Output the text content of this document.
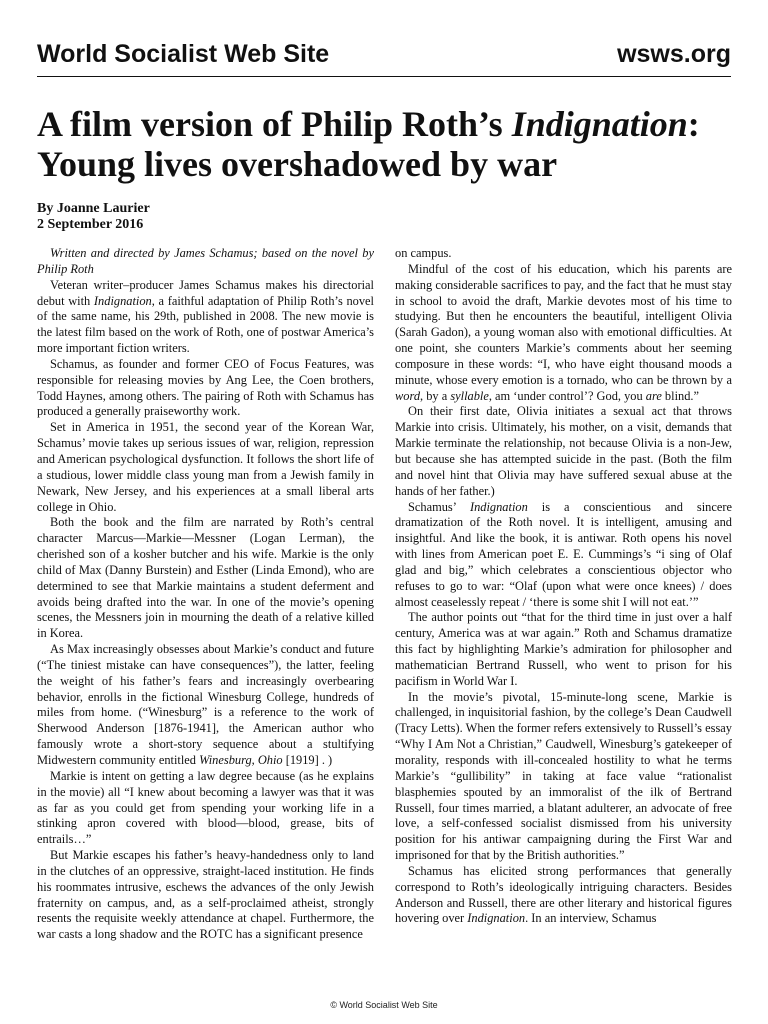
World Socialist Web Site	wsws.org
A film version of Philip Roth’s Indignation: Young lives overshadowed by war
By Joanne Laurier
2 September 2016

Written and directed by James Schamus; based on the novel by Philip Roth

Veteran writer–producer James Schamus makes his directorial debut with Indignation, a faithful adaptation of Philip Roth’s novel of the same name, his 29th, published in 2008. The new movie is the latest film based on the work of Roth, one of postwar America’s more important fiction writers.

Schamus, as founder and former CEO of Focus Features, was responsible for releasing movies by Ang Lee, the Coen brothers, Todd Haynes, among others. The pairing of Roth with Schamus has produced a generally praiseworthy work.

Set in America in 1951, the second year of the Korean War, Schamus’ movie takes up serious issues of war, religion, repression and American psychological dysfunction. It follows the short life of a studious, lower middle class young man from a Jewish family in Newark, New Jersey, and his experiences at a small liberal arts college in Ohio.

Both the book and the film are narrated by Roth’s central character Marcus—Markie—Messner (Logan Lerman), the cherished son of a kosher butcher and his wife. Markie is the only child of Max (Danny Burstein) and Esther (Linda Emond), who are determined to see that Markie maintains a student deferment and avoids being drafted into the war. In one of the movie’s opening scenes, the Messners join in mourning the death of a relative killed in Korea.

As Max increasingly obsesses about Markie’s conduct and future (“The tiniest mistake can have consequences”), the latter, feeling the weight of his father’s fears and increasingly overbearing behavior, enrolls in the fictional Winesburg College, hundreds of miles from home. (“Winesburg” is a reference to the work of Sherwood Anderson [1876-1941], the American author who famously wrote a short-story sequence about a stultifying Midwestern community entitled Winesburg, Ohio [1919] . )

Markie is intent on getting a law degree because (as he explains in the movie) all “I knew about becoming a lawyer was that it was as far as you could get from spending your working life in a stinking apron covered with blood—blood, grease, bits of entrails…”

But Markie escapes his father’s heavy-handedness only to land in the clutches of an oppressive, straight-laced institution. He finds his roommates intrusive, eschews the advances of the only Jewish fraternity on campus, and, as a self-proclaimed atheist, strongly resents the requisite weekly attendance at chapel. Furthermore, the war casts a long shadow and the ROTC has a significant presence

on campus.

Mindful of the cost of his education, which his parents are making considerable sacrifices to pay, and the fact that he must stay in school to avoid the draft, Markie devotes most of his time to studying. But then he encounters the beautiful, intelligent Olivia (Sarah Gadon), a young woman also with emotional difficulties. At one point, she counters Markie’s comments about her seeming composure in these words: “I, who have eight thousand moods a minute, whose every emotion is a tornado, who can be thrown by a word, by a syllable, am ‘under control’? God, you are blind.”

On their first date, Olivia initiates a sexual act that throws Markie into crisis. Ultimately, his mother, on a visit, demands that Markie terminate the relationship, not because Olivia is a non-Jew, but because she has attempted suicide in the past. (Both the film and novel hint that Olivia may have suffered sexual abuse at the hands of her father.)

Schamus’ Indignation is a conscientious and sincere dramatization of the Roth novel. It is intelligent, amusing and insightful. And like the book, it is antiwar. Roth opens his novel with lines from American poet E. E. Cummings’s “i sing of Olaf glad and big,” which celebrates a conscientious objector who refuses to go to war: “Olaf (upon what were once knees) / does almost ceaselessly repeat / ‘there is some shit I will not eat.’”

The author points out “that for the third time in just over a half century, America was at war again.” Roth and Schamus dramatize this fact by highlighting Markie’s admiration for philosopher and mathematician Bertrand Russell, who went to prison for his pacifism in World War I.

In the movie’s pivotal, 15-minute-long scene, Markie is challenged, in inquisitorial fashion, by the college’s Dean Caudwell (Tracy Letts). When the former refers extensively to Russell’s essay “Why I Am Not a Christian,” Caudwell, Winesburg’s gatekeeper of morality, responds with ill-concealed hostility to what he terms Markie’s “gullibility” in taking at face value “rationalist blasphemies spouted by an immoralist of the ilk of Bertrand Russell, four times married, a blatant adulterer, an advocate of free love, a self-confessed socialist dismissed from his university position for his antiwar campaigning during the First War and imprisoned for that by the British authorities.”

Schamus has elicited strong performances that generally correspond to Roth’s ideologically intriguing characters. Besides Anderson and Russell, there are other literary and historical figures hovering over Indignation. In an interview, Schamus

© World Socialist Web Site
